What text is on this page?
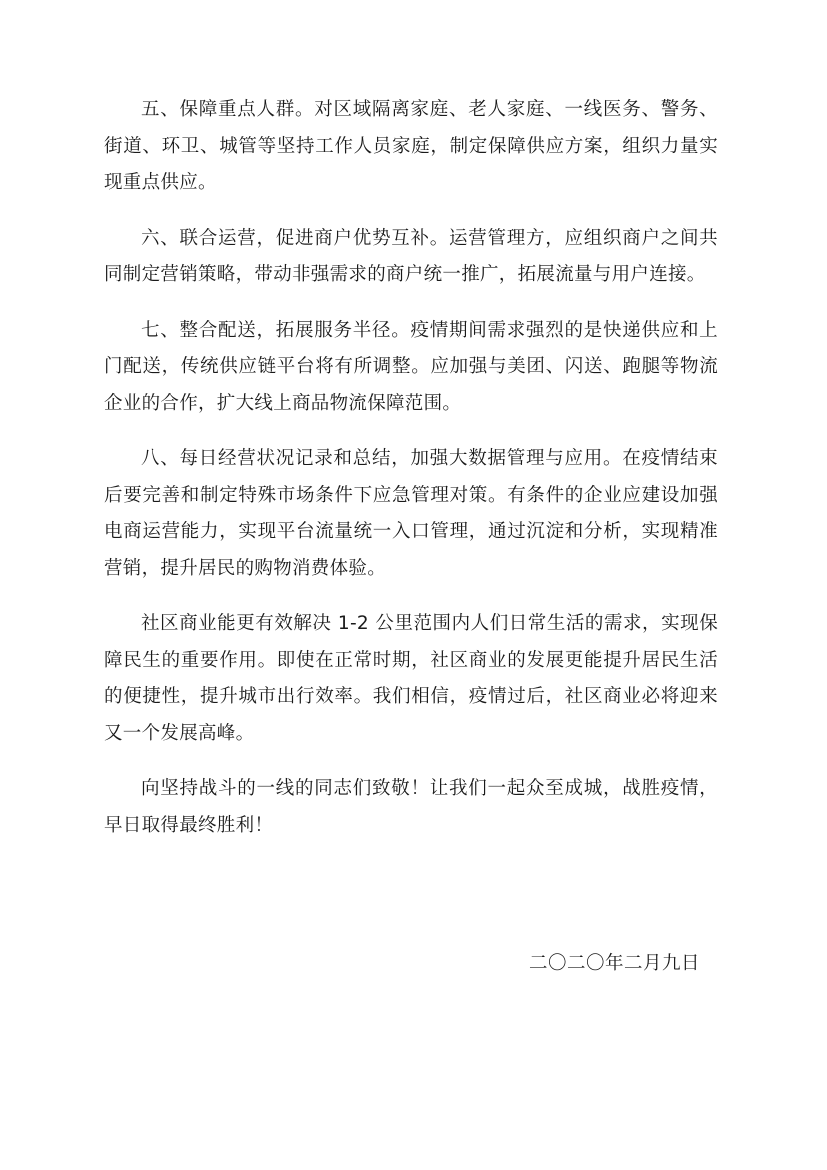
五、保障重点人群。对区域隔离家庭、老人家庭、一线医务、警务、街道、环卫、城管等坚持工作人员家庭，制定保障供应方案，组织力量实现重点供应。

六、联合运营，促进商户优势互补。运营管理方，应组织商户之间共同制定营销策略，带动非强需求的商户统一推广，拓展流量与用户连接。

七、整合配送，拓展服务半径。疫情期间需求强烈的是快递供应和上门配送，传统供应链平台将有所调整。应加强与美团、闪送、跑腿等物流企业的合作，扩大线上商品物流保障范围。

八、每日经营状况记录和总结，加强大数据管理与应用。在疫情结束后要完善和制定特殊市场条件下应急管理对策。有条件的企业应建设加强电商运营能力，实现平台流量统一入口管理，通过沉淀和分析，实现精准营销，提升居民的购物消费体验。

社区商业能更有效解决 1-2 公里范围内人们日常生活的需求，实现保障民生的重要作用。即使在正常时期，社区商业的发展更能提升居民生活的便捷性，提升城市出行效率。我们相信，疫情过后，社区商业必将迎来又一个发展高峰。

向坚持战斗的一线的同志们致敬！让我们一起众至成城，战胜疫情，早日取得最终胜利！

二〇二〇年二月九日
